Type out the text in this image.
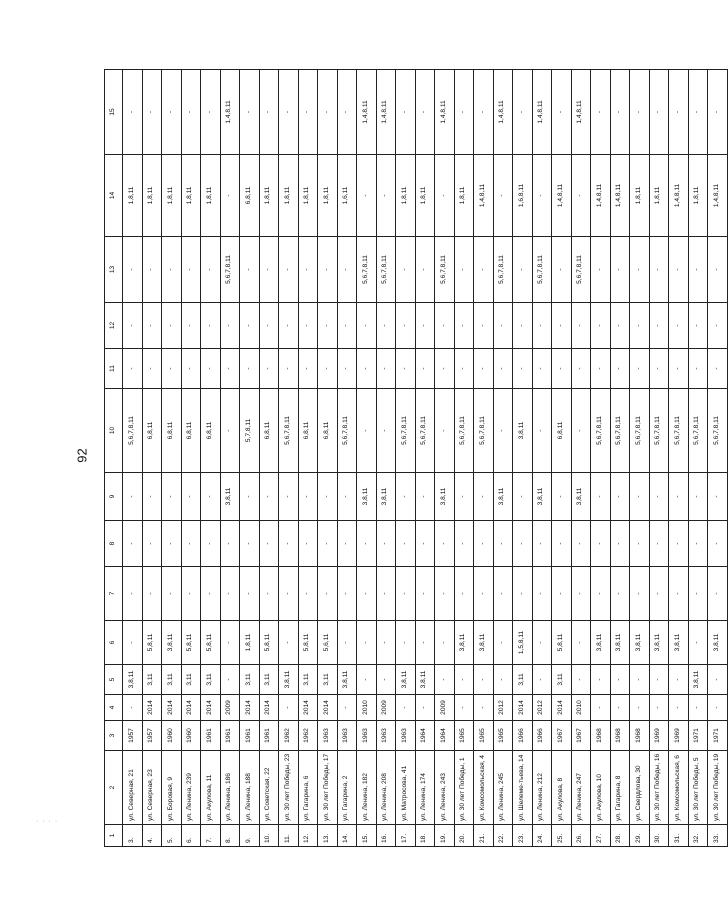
92
· · · ·
1	2	3	4	5	6	7	8	9	10	11	12	13	14	15
3.	ул. Северная, 21	1957	-	3,8,11	-	-	-	-	5,6,7,8,11	-	-	-	1,8,11	-
4.	ул. Северная, 23	1957	2014	3,11	5,8,11	-	-	-	6,8,11	-	-	-	1,8,11	-
5.	ул. Боровая, 9	1960	2014	3,11	3,8,11	-	-	-	6,8,11	-	-	-	1,8,11	-
6.	ул. Ленина, 239	1960	2014	3,11	5,8,11	-	-	-	6,8,11	-	-	-	1,8,11	-
7.	ул. Акулова, 11	1961	2014	3,11	5,8,11	-	-	-	6,8,11	-	-	-	1,8,11	-
8.	ул. Ленина, 186	1961	2009	-	-	-	-	3,8,11	-	-	-	5,6,7,8,11	-	1,4,8,11
9.	ул. Ленина, 188	1961	2014	3,11	1,8,11	-	-	-	5,7,8,11	-	-	-	6,8,11	-
10.	ул. Советская, 22	1961	2014	3,11	5,8,11	-	-	-	6,8,11	-	-	-	1,8,11	-
11.	ул. 30 лет Победы, 23	1962	-	3,8,11	-	-	-	-	5,6,7,8,11	-	-	-	1,8,11	-
12.	ул. Гагарина, 6	1962	2014	3,11	5,8,11	-	-	-	6,8,11	-	-	-	1,8,11	-
13.	ул. 30 лет Победы, 17	1963	2014	3,11	5,6,11	-	-	-	6,8,11	-	-	-	1,8,11	-
14.	ул. Гагарина, 2	1963	-	3,8,11	-	-	-	-	5,6,7,8,11	-	-	-	1,6,11	-
15.	ул. Ленина, 182	1963	2010	-	-	-	-	3,8,11	-	-	-	5,6,7,8,11	-	1,4,8,11
16.	ул. Ленина, 208	1963	2009	-	-	-	-	3,8,11	-	-	-	5,6,7,8,11	-	1,4,8,11
17.	ул. Матросова, 41	1963	-	3,8,11	-	-	-	-	5,6,7,8,11	-	-	-	1,8,11	-
18.	ул. Ленина, 174	1964	-	3,8,11	-	-	-	-	5,6,7,8,11	-	-	-	1,8,11	-
19.	ул. Ленина, 243	1964	2009	-	-	-	-	3,8,11	-	-	-	5,6,7,8,11	-	1,4,8,11
20.	ул. 30 лет Победы, 1	1965	-	-	3,8,11	-	-	-	5,6,7,8,11	-	-	-	1,8,11	-
21.	ул. Комсомольская, 4	1965	-	-	3,8,11	-	-	-	5,6,7,8,11	-	-	-	1,4,8,11	-
22.	ул. Ленина, 245	1965	2012	-	-	-	-	3,8,11	-	-	-	5,6,7,8,11	-	1,4,8,11
23.	ул. Шелеме-тьева, 14	1966	2014	3,11	1,5,8,11	-	-	-	3,8,11	-	-	-	1,6,8,11	-
24.	ул. Ленина, 212	1966	2012	-	-	-	-	3,8,11	-	-	-	5,6,7,8,11	-	1,4,8,11
25.	ул. Акулова, 8	1967	2014	3,11	5,8,11	-	-	-	6,8,11	-	-	-	1,4,8,11	-
26.	ул. Ленина, 247	1967	2010	-	-	-	-	3,8,11	-	-	-	5,6,7,8,11	-	1,4,8,11
27.	ул. Акулова, 10	1968	-	-	3,8,11	-	-	-	5,6,7,8,11	-	-	-	1,4,8,11	-
28.	ул. Гагарина, 8	1968	-	-	3,8,11	-	-	-	5,6,7,8,11	-	-	-	1,4,8,11	-
29.	ул. Свердлова, 30	1968	-	-	3,8,11	-	-	-	5,6,7,8,11	-	-	-	1,8,11	-
30.	ул. 30 лет Победы, 16	1969	-	-	3,8,11	-	-	-	5,6,7,8,11	-	-	-	1,8,11	-
31.	ул. Комсомольская, 6	1969	-	-	3,8,11	-	-	-	5,6,7,8,11	-	-	-	1,4,8,11	-
32.	ул. 30 лет Победы, 5	1971	-	3,8,11	-	-	-	-	5,6,7,8,11	-	-	-	1,8,11	-
33.	ул. 30 лет Победы, 19	1971	-	-	3,8,11	-	-	-	5,6,7,8,11	-	-	-	1,4,8,11	-
